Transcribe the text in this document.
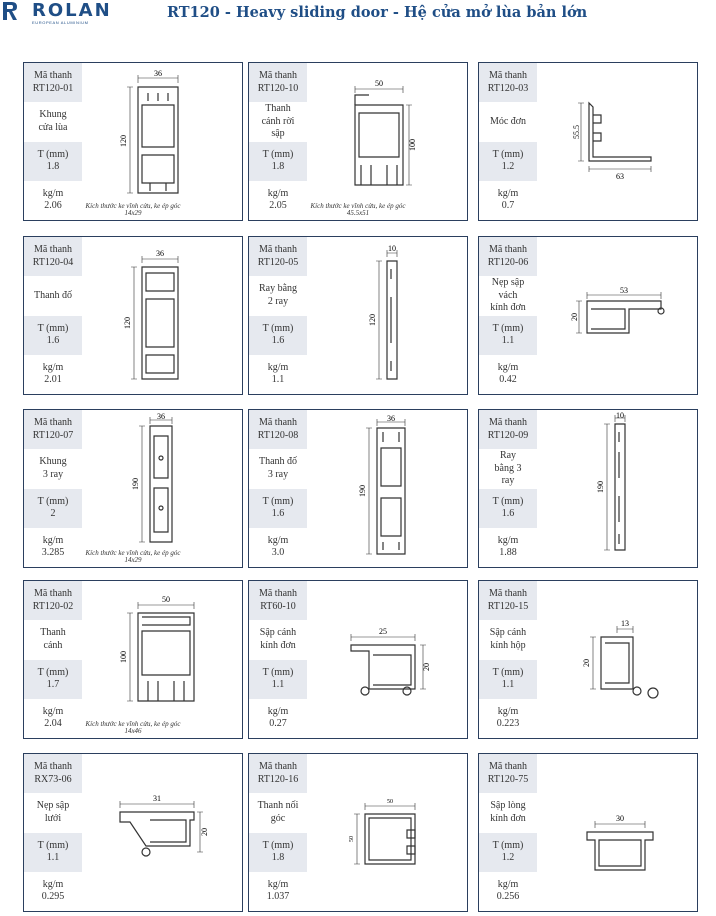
ROLAN
EUROPEAN ALUMINIUM
RT120 - Heavy sliding door - Hệ cửa mở lùa bản lớn
Mã thanh
RT120-01
Khung
cửa lùa
T (mm)
1.8
kg/m
2.06
36
120
Kích thước ke vĩnh cửu, ke ép góc
14x29
Mã thanh
RT120-10
Thanh
cánh rời
sập
T (mm)
1.8
kg/m
2.05
50
100
Kích thước ke vĩnh cửu, ke ép góc
45.5x51
Mã thanh
RT120-03
Móc đơn
T (mm)
1.2
kg/m
0.7
63
55.5
Mã thanh
RT120-04
Thanh đố
T (mm)
1.6
kg/m
2.01
36
120
Mã thanh
RT120-05
Ray bằng
2 ray
T (mm)
1.6
kg/m
1.1
10
120
Mã thanh
RT120-06
Nẹp sập
vách
kính đơn
T (mm)
1.1
kg/m
0.42
53
20
Mã thanh
RT120-07
Khung
3 ray
T (mm)
2
kg/m
3.285
36
190
Kích thước ke vĩnh cửu, ke ép góc
14x29
Mã thanh
RT120-08
Thanh đố
3 ray
T (mm)
1.6
kg/m
3.0
36
190
Mã thanh
RT120-09
Ray
bằng 3
ray
T (mm)
1.6
kg/m
1.88
10
190
Mã thanh
RT120-02
Thanh
cánh
T (mm)
1.7
kg/m
2.04
50
100
Kích thước ke vĩnh cửu, ke ép góc
14x46
Mã thanh
RT60-10
Sập cánh
kính đơn
T (mm)
1.1
kg/m
0.27
25
20
Mã thanh
RT120-15
Sập cánh
kính hộp
T (mm)
1.1
kg/m
0.223
13
20
Mã thanh
RX73-06
Nẹp sập
lưới
T (mm)
1.1
kg/m
0.295
31
20
Mã thanh
RT120-16
Thanh nối
góc
T (mm)
1.8
kg/m
1.037
50
50
Mã thanh
RT120-75
Sập lòng
kính đơn
T (mm)
1.2
kg/m
0.256
30
